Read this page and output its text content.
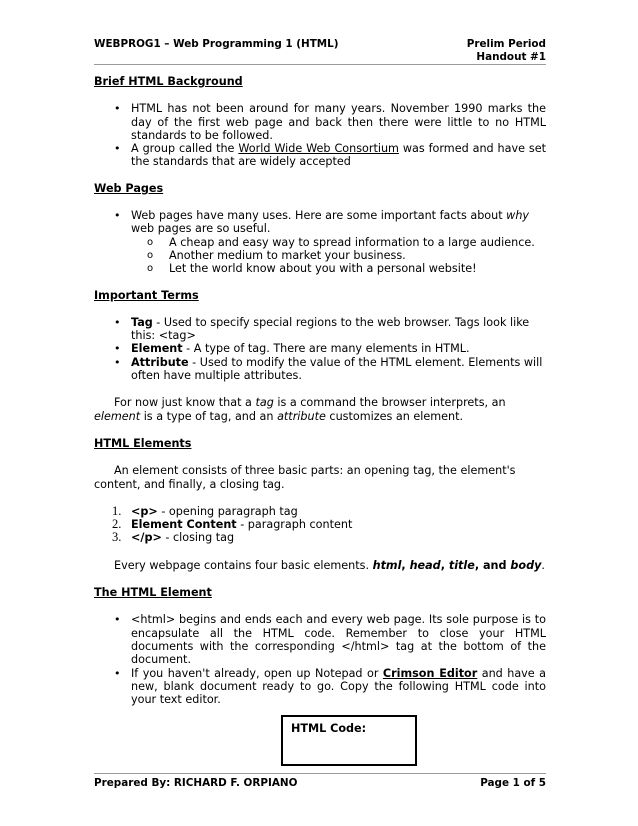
WEBPROG1 – Web Programming 1 (HTML)	Prelim Period
Handout #1
Brief HTML Background
• HTML has not been around for many years. November 1990 marks the day of the first web page and back then there were little to no HTML standards to be followed.
• A group called the World Wide Web Consortium was formed and have set the standards that are widely accepted
Web Pages
• Web pages have many uses. Here are some important facts about why web pages are so useful.
o A cheap and easy way to spread information to a large audience.
o Another medium to market your business.
o Let the world know about you with a personal website!
Important Terms
• Tag - Used to specify special regions to the web browser. Tags look like this: <tag>
• Element - A type of tag. There are many elements in HTML.
• Attribute - Used to modify the value of the HTML element. Elements will often have multiple attributes.

For now just know that a tag is a command the browser interprets, an element is a type of tag, and an attribute customizes an element.

HTML Elements

An element consists of three basic parts: an opening tag, the element's content, and finally, a closing tag.

1. <p> - opening paragraph tag
2. Element Content - paragraph content
3. </p> - closing tag

Every webpage contains four basic elements. html, head, title, and body.

The HTML Element
• <html> begins and ends each and every web page. Its sole purpose is to encapsulate all the HTML code. Remember to close your HTML documents with the corresponding </html> tag at the bottom of the document.
• If you haven't already, open up Notepad or Crimson Editor and have a new, blank document ready to go. Copy the following HTML code into your text editor.
HTML Code:
Prepared By: RICHARD F. ORPIANO	Page 1 of 5
